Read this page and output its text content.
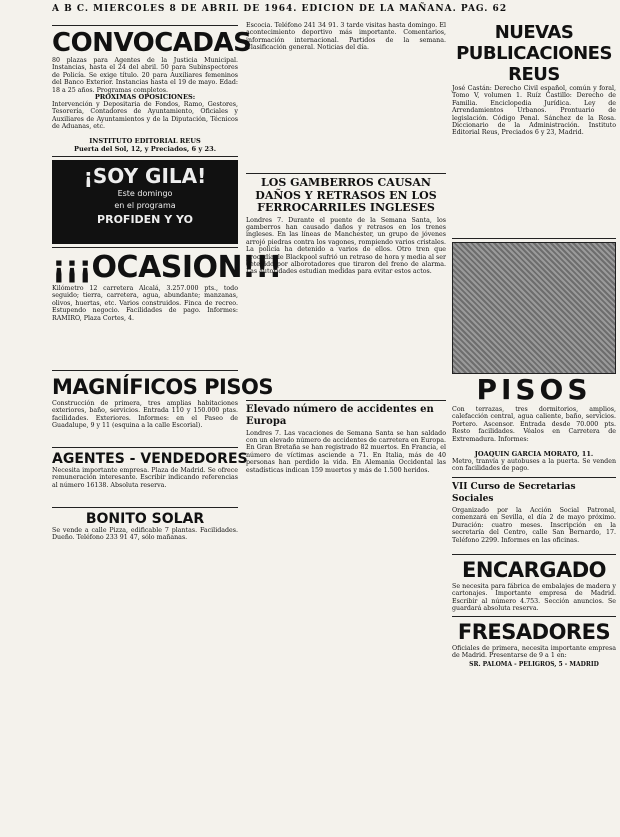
A B C. MIERCOLES 8 DE ABRIL DE 1964. EDICION DE LA MAÑANA. PAG. 62

CONVOCADAS

80 plazas para Agentes de la Justicia Municipal. Instancias, hasta el 24 del abril. 50 para Subinspectores de Policía. Se exige título. 20 para Auxiliares femeninos del Banco Exterior. Instancias hasta el 19 de mayo. Edad: 18 a 25 años. Programas completos.

PRÓXIMAS OPOSICIONES:

Intervención y Depositaria de Fondos, Ramo, Gestores, Tesorería, Contadores de Ayuntamiento, Oficiales y Auxiliares de Ayuntamientos y de la Diputación, Técnicos de Aduanas, etc.

INSTITUTO EDITORIAL REUS

Puerta del Sol, 12, y Preciados, 6 y 23.

¡SOY GILA!
Este domingo
en el programa
PROFIDEN Y YO

¡¡¡OCASION!!!

Kilómetro 12 carretera Alcalá, 3.257.000 pts., todo seguido; tierra, carretera, agua, abundante; manzanas, olivos, huertas, etc. Varios construidos. Finca de recreo. Estupendo negocio. Facilidades de pago. Informes: RAMIRO, Plaza Cortes, 4.

MAGNÍFICOS PISOS

Construcción de primera, tres amplias habitaciones exteriores, baño, servicios. Entrada 110 y 150.000 ptas. facilidades. Exteriores. Informes: en el Paseo de Guadalupe, 9 y 11 (esquina a la calle Escorial).

AGENTES - VENDEDORES

Necesita importante empresa. Plaza de Madrid. Se ofrece remuneración interesante. Escribir indicando referencias al número 16138. Absoluta reserva.

BONITO SOLAR

Se vende a calle Pizza, edificable 7 plantas. Facilidades. Dueño. Teléfono 233 91 47, sólo mañanas.

Escocia. Teléfono 241 34 91. 3 tarde visitas hasta domingo. El acontecimiento deportivo más importante. Comentarios, información internacional. Partidos de la semana. Clasificación general. Noticias del día.

LOS GAMBERROS CAUSAN DAÑOS Y RETRASOS EN LOS FERROCARRILES INGLESES

Londres 7. Durante el puente de la Semana Santa, los gamberros han causado daños y retrasos en los trenes ingleses. En las líneas de Manchester, un grupo de jóvenes arrojó piedras contra los vagones, rompiendo varios cristales. La policía ha detenido a varios de ellos. Otro tren que procedía de Blackpool sufrió un retraso de hora y media al ser detenido por alborotadores que tiraron del freno de alarma. Las autoridades estudian medidas para evitar estos actos.

Elevado número de accidentes en Europa

Londres 7. Las vacaciones de Semana Santa se han saldado con un elevado número de accidentes de carretera en Europa. En Gran Bretaña se han registrado 82 muertos. En Francia, el número de víctimas asciende a 71. En Italia, más de 40 personas han perdido la vida. En Alemania Occidental las estadísticas indican 159 muertos y más de 1.500 heridos.

NUEVAS PUBLICACIONES REUS

José Castán: Derecho Civil español, común y foral, Tomo V, volumen 1. Ruíz Castillo: Derecho de Familia. Enciclopedia Jurídica. Ley de Arrendamientos Urbanos. Prontuario de legislación. Código Penal. Sánchez de la Rosa. Diccionario de la Administración. Instituto Editorial Reus, Preciados 6 y 23, Madrid.

PISOS

Con terrazas, tres dormitorios, amplios, calefacción central, agua caliente, baño, servicios. Portero. Ascensor. Entrada desde 70.000 pts. Resto facilidades. Véalos en Carretera de Extremadura. Informes:

JOAQUIN GARCIA MORATO, 11.

Metro, tranvía y autobuses a la puerta. Se venden con facilidades de pago.

VII Curso de Secretarias Sociales

Organizado por la Acción Social Patronal, comenzará en Sevilla, el día 2 de mayo próximo. Duración: cuatro meses. Inscripción en la secretaría del Centro, calle San Bernardo, 17. Teléfono 2299. Informes en las oficinas.

ENCARGADO

Se necesita para fábrica de embalajes de madera y cartonajes. Importante empresa de Madrid. Escribir al número 4.753. Sección anuncios. Se guardará absoluta reserva.

FRESADORES

Oficiales de primera, necesita importante empresa de Madrid. Presentarse de 9 a 1 en:

SR. PALOMA - PELIGROS, 5 - MADRID
